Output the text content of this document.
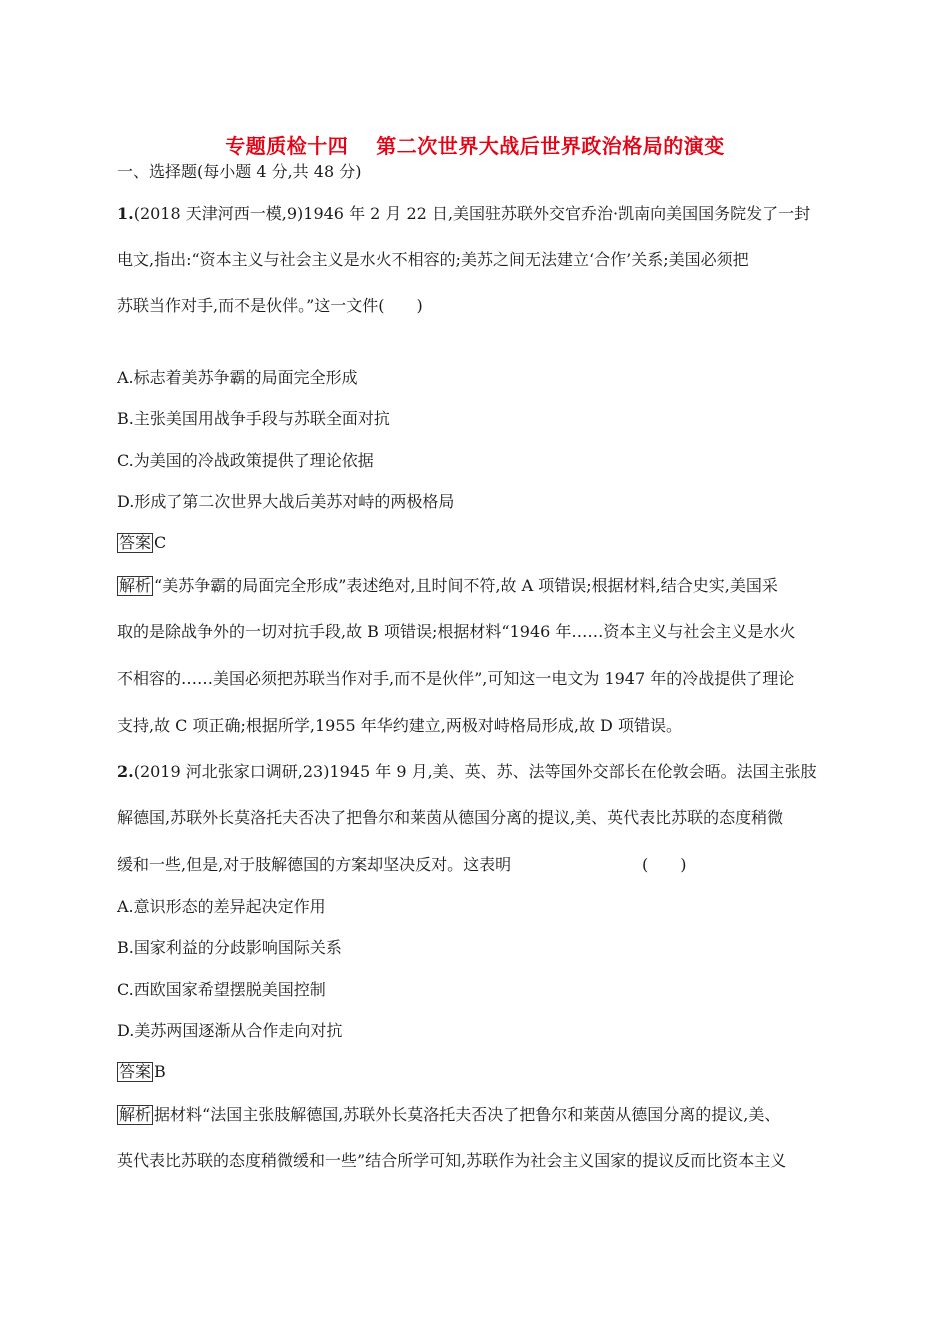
专题质检十四 第二次世界大战后世界政治格局的演变
一、选择题(每小题 4 分,共 48 分)
1.(2018 天津河西一模,9)1946 年 2 月 22 日,美国驻苏联外交官乔治·凯南向美国国务院发了一封
电文,指出:“资本主义与社会主义是水火不相容的;美苏之间无法建立‘合作’关系;美国必须把
苏联当作对手,而不是伙伴。”这一文件(　　)
A.标志着美苏争霸的局面完全形成
B.主张美国用战争手段与苏联全面对抗
C.为美国的冷战政策提供了理论依据
D.形成了第二次世界大战后美苏对峙的两极格局
答案 C
解析 “美苏争霸的局面完全形成”表述绝对,且时间不符,故 A 项错误;根据材料,结合史实,美国采
取的是除战争外的一切对抗手段,故 B 项错误;根据材料“1946 年……资本主义与社会主义是水火
不相容的……美国必须把苏联当作对手,而不是伙伴”,可知这一电文为 1947 年的冷战提供了理论
支持,故 C 项正确;根据所学,1955 年华约建立,两极对峙格局形成,故 D 项错误。
2.(2019 河北张家口调研,23)1945 年 9 月,美、英、苏、法等国外交部长在伦敦会晤。法国主张肢
解德国,苏联外长莫洛托夫否决了把鲁尔和莱茵从德国分离的提议,美、英代表比苏联的态度稍微
缓和一些,但是,对于肢解德国的方案却坚决反对。这表明	(　　)
A.意识形态的差异起决定作用
B.国家利益的分歧影响国际关系
C.西欧国家希望摆脱美国控制
D.美苏两国逐渐从合作走向对抗
答案 B
解析 据材料“法国主张肢解德国,苏联外长莫洛托夫否决了把鲁尔和莱茵从德国分离的提议,美、
英代表比苏联的态度稍微缓和一些”结合所学可知,苏联作为社会主义国家的提议反而比资本主义
